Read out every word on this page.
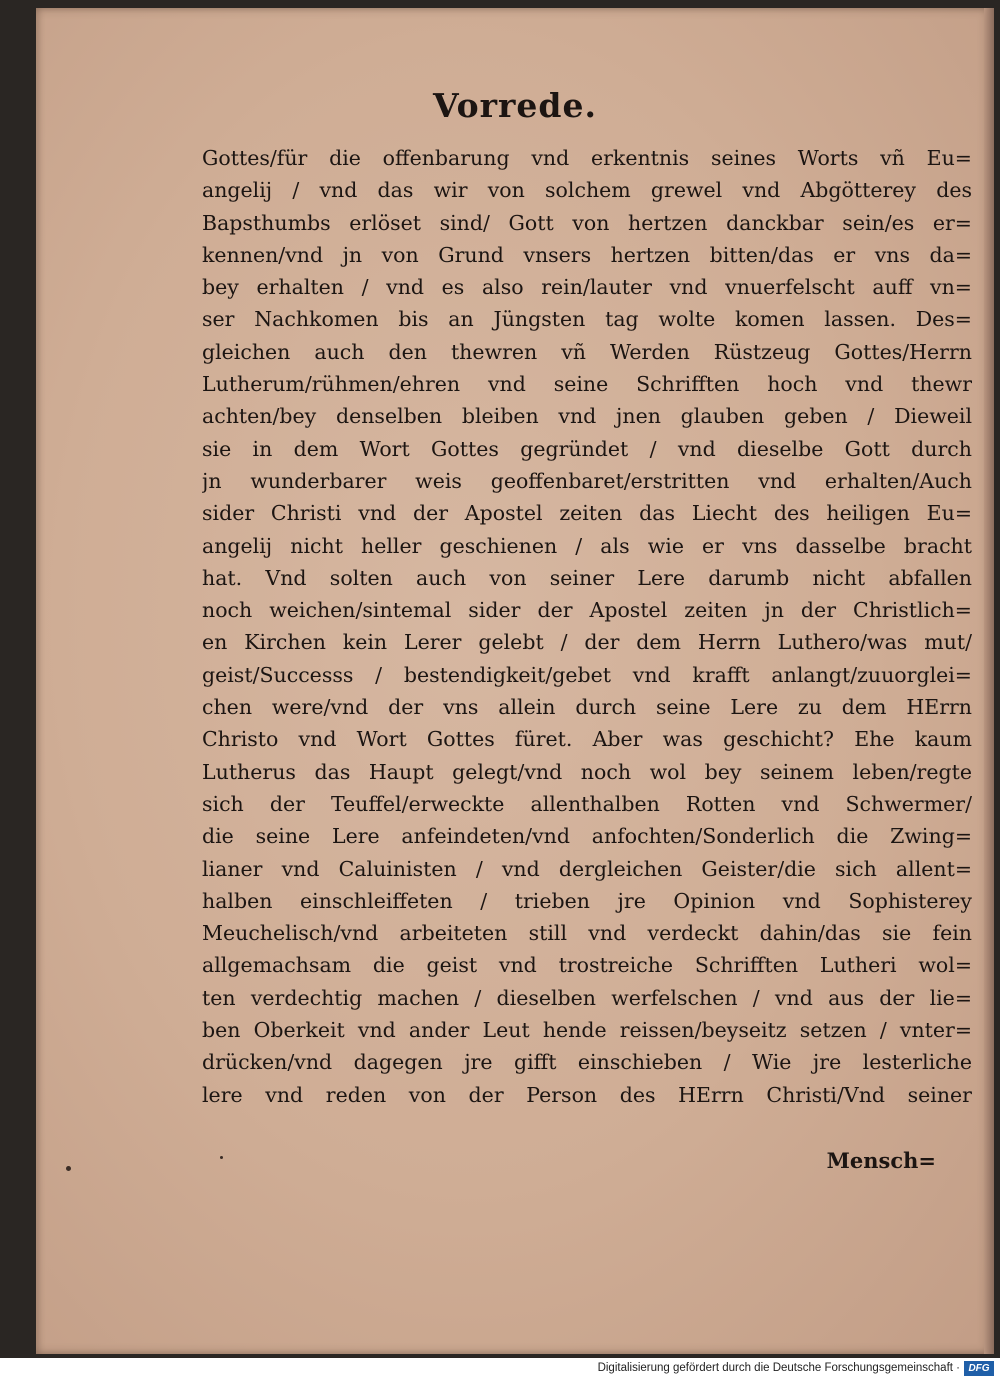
Vorrede.
Gottes/für die offenbarung vnd erkentnis seines Worts vñ Eu=
angelij / vnd das wir von solchem grewel vnd Abgötterey des
Bapsthumbs erlöset sind/ Gott von hertzen danckbar sein/es er=
kennen/vnd jn von Grund vnsers hertzen bitten/das er vns da=
bey erhalten / vnd es also rein/lauter vnd vnuerfelscht auff vn=
ser Nachkomen bis an Jüngsten tag wolte komen lassen. Des=
gleichen auch den thewren vñ Werden Rüstzeug Gottes/Herrn
Lutherum/rühmen/ehren vnd seine Schrifften hoch vnd thewr
achten/bey denselben bleiben vnd jnen glauben geben / Dieweil
sie in dem Wort Gottes gegründet / vnd dieselbe Gott durch
jn wunderbarer weis geoffenbaret/erstritten vnd erhalten/Auch
sider Christi vnd der Apostel zeiten das Liecht des heiligen Eu=
angelij nicht heller geschienen / als wie er vns dasselbe bracht
hat. Vnd solten auch von seiner Lere darumb nicht abfallen
noch weichen/sintemal sider der Apostel zeiten jn der Christlich=
en Kirchen kein Lerer gelebt / der dem Herrn Luthero/was mut/
geist/Successs / bestendigkeit/gebet vnd krafft anlangt/zuuorglei=
chen were/vnd der vns allein durch seine Lere zu dem HErrn
Christo vnd Wort Gottes füret. Aber was geschicht? Ehe kaum
Lutherus das Haupt gelegt/vnd noch wol bey seinem leben/regte
sich der Teuffel/erweckte allenthalben Rotten vnd Schwermer/
die seine Lere anfeindeten/vnd anfochten/Sonderlich die Zwing=
lianer vnd Caluinisten / vnd dergleichen Geister/die sich allent=
halben einschleiffeten / trieben jre Opinion vnd Sophisterey
Meuchelisch/vnd arbeiteten still vnd verdeckt dahin/das sie fein
allgemachsam die geist vnd trostreiche Schrifften Lutheri wol=
ten verdechtig machen / dieselben werfelschen / vnd aus der lie=
ben Oberkeit vnd ander Leut hende reissen/beyseitz setzen / vnter=
drücken/vnd dagegen jre gifft einschieben / Wie jre lesterliche
lere vnd reden von der Person des HErrn Christi/Vnd seiner
Mensch=
Digitalisierung gefördert durch die Deutsche Forschungsgemeinschaft · DFG
